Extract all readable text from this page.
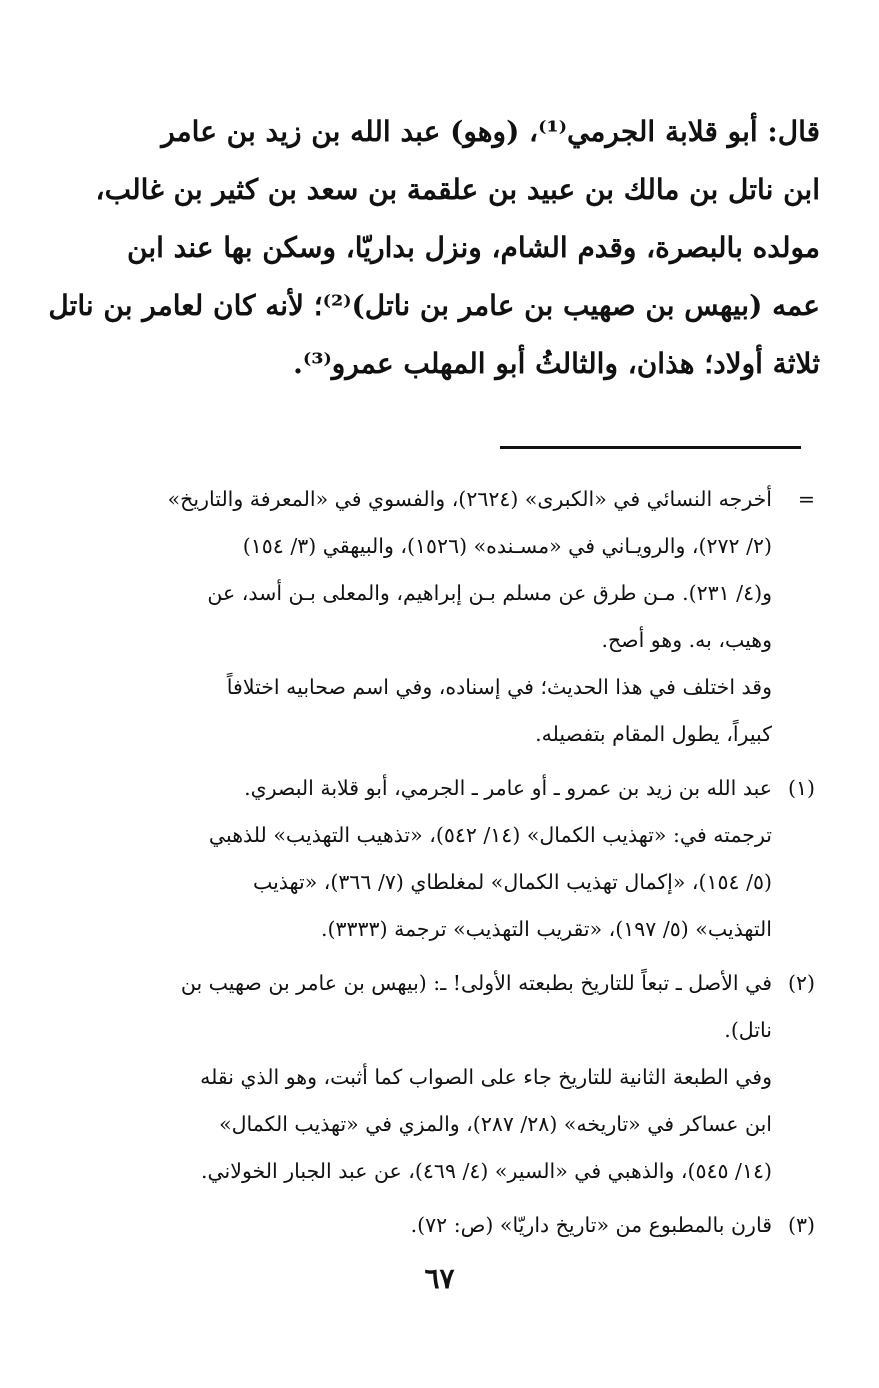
قال: أبو قلابة الجرمي⁽¹⁾، (وهو) عبد الله بن زيد بن عامر
ابن ناتل بن مالك بن عبيد بن علقمة بن سعد بن كثير بن غالب،
مولده بالبصرة، وقدم الشام، ونزل بداريّا، وسكن بها عند ابن
عمه (بيهس بن صهيب بن عامر بن ناتل)⁽²⁾؛ لأنه كان لعامر بن ناتل
ثلاثة أولاد؛ هذان، والثالثُ أبو المهلب عمرو⁽³⁾.
=
أخرجه النسائي في «الكبرى» (٢٦٢٤)، والفسوي في «المعرفة والتاريخ»
(٢/ ٢٧٢)، والرويـاني في «مسـنده» (١٥٢٦)، والبيهقي (٣/ ١٥٤)
و(٤/ ٢٣١). مـن طرق عن مسلم بـن إبراهيم، والمعلى بـن أسد، عن
وهيب، به. وهو أصح.
وقد اختلف في هذا الحديث؛ في إسناده، وفي اسم صحابيه اختلافاً
كبيراً، يطول المقام بتفصيله.
(١)
عبد الله بن زيد بن عمرو ـ أو عامر ـ الجرمي، أبو قلابة البصري.
ترجمته في: «تهذيب الكمال» (١٤/ ٥٤٢)، «تذهيب التهذيب» للذهبي
(٥/ ١٥٤)، «إكمال تهذيب الكمال» لمغلطاي (٧/ ٣٦٦)، «تهذيب
التهذيب» (٥/ ١٩٧)، «تقريب التهذيب» ترجمة (٣٣٣٣).
(٢)
في الأصل ـ تبعاً للتاريخ بطبعته الأولى! ـ: (بيهس بن عامر بن صهيب بن
ناتل).
وفي الطبعة الثانية للتاريخ جاء على الصواب كما أثبت، وهو الذي نقله
ابن عساكر في «تاريخه» (٢٨/ ٢٨٧)، والمزي في «تهذيب الكمال»
(١٤/ ٥٤٥)، والذهبي في «السير» (٤/ ٤٦٩)، عن عبد الجبار الخولاني.
(٣)
قارن بالمطبوع من «تاريخ داريّا» (ص: ٧٢).
٦٧
